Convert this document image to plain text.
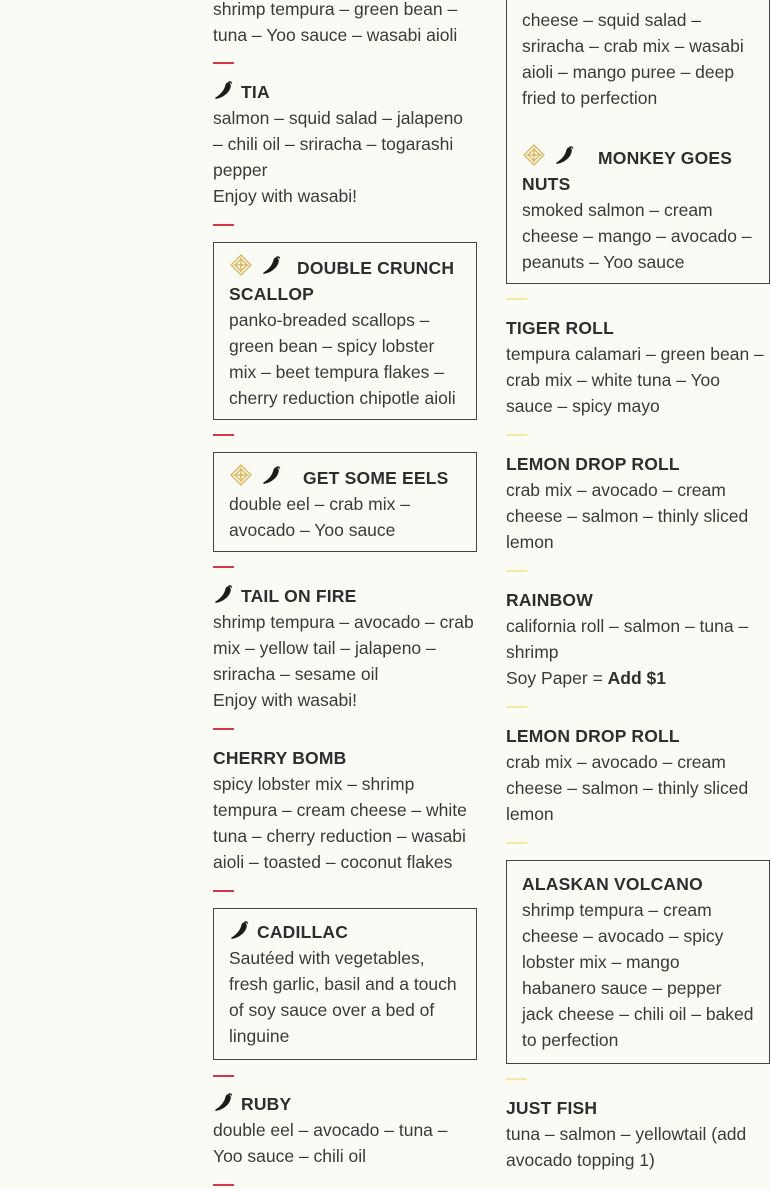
shrimp tempura – green bean – tuna – Yoo sauce – wasabi aioli
TIA
salmon – squid salad – jalapeno – chili oil – sriracha – togarashi pepper
Enjoy with wasabi!
DOUBLE CRUNCH SCALLOP
panko-breaded scallops – green bean – spicy lobster mix – beet tempura flakes – cherry reduction chipotle aioli
GET SOME EELS
double eel – crab mix – avocado – Yoo sauce
TAIL ON FIRE
shrimp tempura – avocado – crab mix – yellow tail – jalapeno – sriracha – sesame oil
Enjoy with wasabi!
CHERRY BOMB
spicy lobster mix – shrimp tempura – cream cheese – white tuna – cherry reduction – wasabi aioli – toasted – coconut flakes
CADILLAC
Sautéed with vegetables, fresh garlic, basil and a touch of soy sauce over a bed of linguine
RUBY
double eel – avocado – tuna – Yoo sauce – chili oil
cheese – squid salad – sriracha – crab mix – wasabi aioli – mango puree – deep fried to perfection
MONKEY GOES NUTS
smoked salmon – cream cheese – mango – avocado – peanuts – Yoo sauce
TIGER ROLL
tempura calamari – green bean – crab mix – white tuna – Yoo sauce – spicy mayo
LEMON DROP ROLL
crab mix – avocado – cream cheese – salmon – thinly sliced lemon
RAINBOW
california roll – salmon – tuna – shrimp
Soy Paper = Add $1
LEMON DROP ROLL
crab mix – avocado – cream cheese – salmon – thinly sliced lemon
ALASKAN VOLCANO
shrimp tempura – cream cheese – avocado – spicy lobster mix – mango habanero sauce – pepper jack cheese – chili oil – baked to perfection
JUST FISH
tuna – salmon – yellowtail (add avocado topping 1)
